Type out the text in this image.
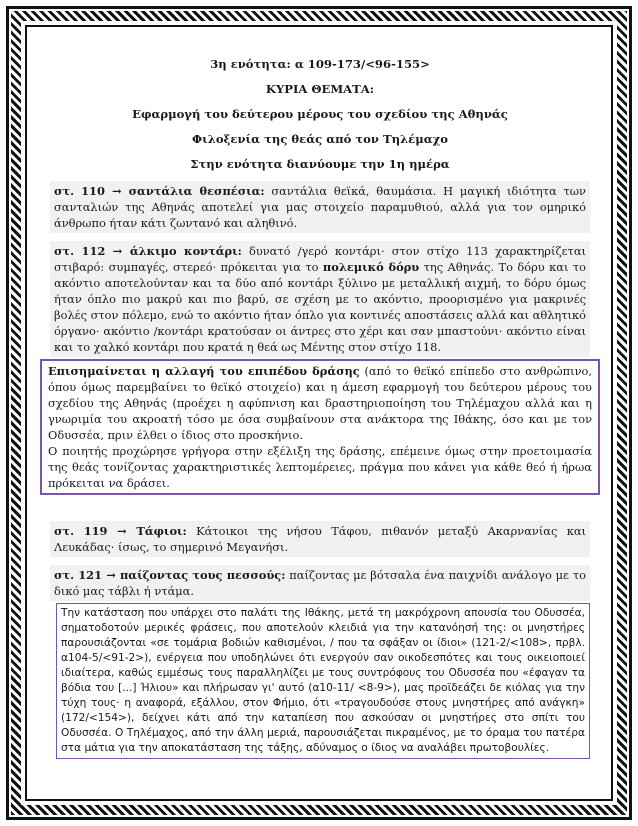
3η ενότητα: α 109-173/<96-155>
ΚΥΡΙΑ ΘΕΜΑΤΑ:
Εφαρμογή του δεύτερου μέρους του σχεδίου της Αθηνάς
Φιλοξενία της θεάς από τον Τηλέμαχο
Στην ενότητα διανύουμε την 1η ημέρα

στ. 110 → σαντάλια θεσπέσια: σαντάλια θεϊκά, θαυμάσια. Η μαγική ιδιότητα των σανταλιών της Αθηνάς αποτελεί για μας στοιχείο παραμυθιού, αλλά για τον ομηρικό άνθρωπο ήταν κάτι ζωντανό και αληθινό.

στ. 112 → άλκιμο κοντάρι: δυνατό /γερό κοντάρι· στον στίχο 113 χαρακτηρίζεται στιβαρό: συμπαγές, στερεό· πρόκειται για το πολεμικό δόρυ της Αθηνάς. Το δόρυ και το ακόντιο αποτελούνταν και τα δύο από κοντάρι ξύλινο με μεταλλική αιχμή, το δόρυ όμως ήταν όπλο πιο μακρύ και πιο βαρύ, σε σχέση με το ακόντιο, προορισμένο για μακρινές βολές στον πόλεμο, ενώ το ακόντιο ήταν όπλο για κοντινές αποστάσεις αλλά και αθλητικό όργανο· ακόντιο /κοντάρι κρατούσαν οι άντρες στο χέρι και σαν μπαστούνι· ακόντιο είναι και το χαλκό κοντάρι που κρατά η θεά ως Μέντης στον στίχο 118.

Επισημαίνεται η αλλαγή του επιπέδου δράσης (από το θεϊκό επίπεδο στο ανθρώπινο, όπου όμως παρεμβαίνει το θεϊκό στοιχείο) και η άμεση εφαρμογή του δεύτερου μέρους του σχεδίου της Αθηνάς (προέχει η αφύπνιση και δραστηριοποίηση του Τηλέμαχου αλλά και η γνωριμία του ακροατή τόσο με όσα συμβαίνουν στα ανάκτορα της Ιθάκης, όσο και με τον Οδυσσέα, πριν έλθει ο ίδιος στο προσκήνιο.
Ο ποιητής προχώρησε γρήγορα στην εξέλιξη της δράσης, επέμεινε όμως στην προετοιμασία της θεάς τονίζοντας χαρακτηριστικές λεπτομέρειες, πράγμα που κάνει για κάθε θεό ή ήρωα πρόκειται να δράσει.

στ. 119 → Τάφιοι: Κάτοικοι της νήσου Τάφου, πιθανόν μεταξύ Ακαρνανίας και Λευκάδας· ίσως, το σημερινό Μεγανήσι.

στ. 121 → παίζοντας τους πεσσούς: παίζοντας με βότσαλα ένα παιχνίδι ανάλογο με το δικό μας τάβλι ή ντάμα.

Την κατάσταση που υπάρχει στο παλάτι της Ιθάκης, μετά τη μακρόχρονη απουσία του Οδυσσέα, σηματοδοτούν μερικές φράσεις, που αποτελούν κλειδιά για την κατανόησή της: οι μνηστήρες παρουσιάζονται «σε τομάρια βοδιών καθισμένοι, / που τα σφάξαν οι ίδιοι» (121-2/<108>, πρβλ. α104-5/<91-2>), ενέργεια που υποδηλώνει ότι ενεργούν σαν οικοδεσπότες και τους οικειοποιεί ιδιαίτερα, καθώς εμμέσως τους παραλληλίζει με τους συντρόφους του Οδυσσέα που «έφαγαν τα βόδια του [...] Ήλιου» και πλήρωσαν γι' αυτό (α10-11/ <8-9>), μας προϊδεάζει δε κιόλας για την τύχη τους· η αναφορά, εξάλλου, στον Φήμιο, ότι «τραγουδούσε στους μνηστήρες από ανάγκη» (172/<154>), δείχνει κάτι από την καταπίεση που ασκούσαν οι μνηστήρες στο σπίτι του Οδυσσέα. Ο Τηλέμαχος, από την άλλη μεριά, παρουσιάζεται πικραμένος, με το όραμα του πατέρα στα μάτια για την αποκατάσταση της τάξης, αδύναμος ο ίδιος να αναλάβει πρωτοβουλίες.
